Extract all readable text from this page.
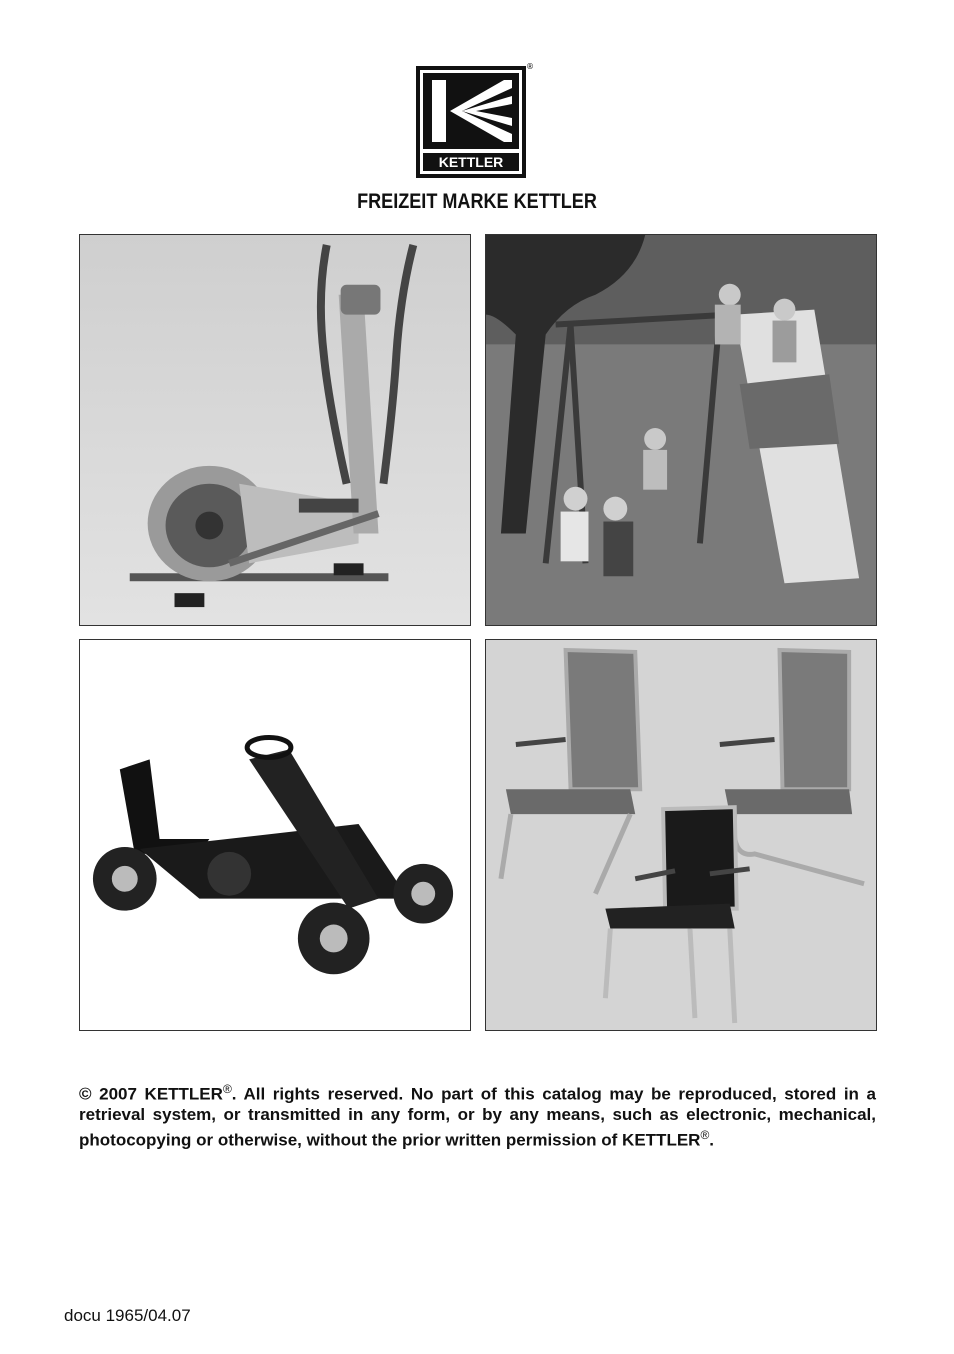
KETTLER
®
FREIZEIT MARKE KETTLER

© 2007 KETTLER®. All rights reserved. No part of this catalog may be reproduced, stored in a retrieval system, or transmitted in any form, or by any means, such as electronic, mechanical, photocopying or otherwise, without the prior written permission of KETTLER®.

docu 1965/04.07
